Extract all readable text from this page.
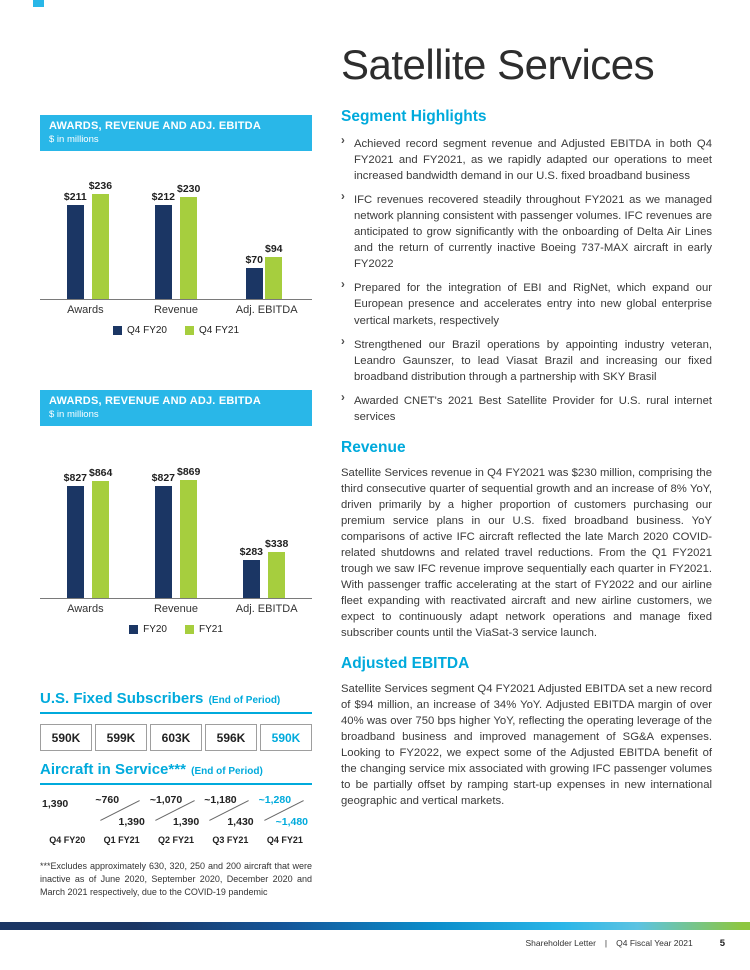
AWARDS, REVENUE AND ADJ. EBITDA
$ in millions
$211
$236
$212
$230
$70
$94
Awards	Revenue	Adj. EBITDA
Q4 FY20	Q4 FY21
AWARDS, REVENUE AND ADJ. EBITDA
$ in millions
$827 $864	$827 $869
$283
$338
Awards	Revenue	Adj. EBITDA
FY20	FY21
U.S. Fixed Subscribers (End of Period)
590K	599K	603K	596K	590K
Aircraft in Service*** (End of Period)
1,390	~760
1,390
~1,070
1,390
~1,180
1,430
~1,280
~1,480
Q4 FY20	Q1 FY21	Q2 FY21	Q3 FY21	Q4 FY21

***Excludes approximately 630, 320, 250 and 200 aircraft that were inactive as of June 2020, September 2020, December 2020 and March 2021 respectively, due to the COVID-19 pandemic

Satellite Services
Segment Highlights
› Achieved record segment revenue and Adjusted EBITDA in both Q4 FY2021 and FY2021, as we rapidly adapted our operations to meet increased bandwidth demand in our U.S. fixed broadband business
› IFC revenues recovered steadily throughout FY2021 as we managed network planning consistent with passenger volumes. IFC revenues are anticipated to grow significantly with the onboarding of Delta Air Lines and the return of currently inactive Boeing 737-MAX aircraft in early FY2022
› Prepared for the integration of EBI and RigNet, which expand our European presence and accelerates entry into new global enterprise vertical markets, respectively
› Strengthened our Brazil operations by appointing industry veteran, Leandro Gaunszer, to lead Viasat Brazil and increasing our fixed broadband distribution through a partnership with SKY Brasil
› Awarded CNET's 2021 Best Satellite Provider for U.S. rural internet services
Revenue

Satellite Services revenue in Q4 FY2021 was $230 million, comprising the third consecutive quarter of sequential growth and an increase of 8% YoY, driven primarily by a higher proportion of customers purchasing our premium service plans in our U.S. fixed broadband business. YoY comparisons of active IFC aircraft reflected the late March 2020 COVID-related shutdowns and related travel reductions. From the Q1 FY2021 trough we saw IFC revenue improve sequentially each quarter in FY2021. With passenger traffic accelerating at the start of FY2022 and our airline fleet expanding with reactivated aircraft and new airline customers, we expect to continuously adapt network operations and manage fixed subscriber counts until the ViaSat-3 service launch.

Adjusted EBITDA

Satellite Services segment Q4 FY2021 Adjusted EBITDA set a new record of $94 million, an increase of 34% YoY. Adjusted EBITDA margin of over 40% was over 750 bps higher YoY, reflecting the operating leverage of the broadband business and improved management of SG&A expenses. Looking to FY2022, we expect some of the Adjusted EBITDA benefit of the changing service mix associated with growing IFC passenger volumes to be partially offset by ramping start-up expenses in new international geographic and vertical markets.

Shareholder Letter | Q4 Fiscal Year 2021	5
